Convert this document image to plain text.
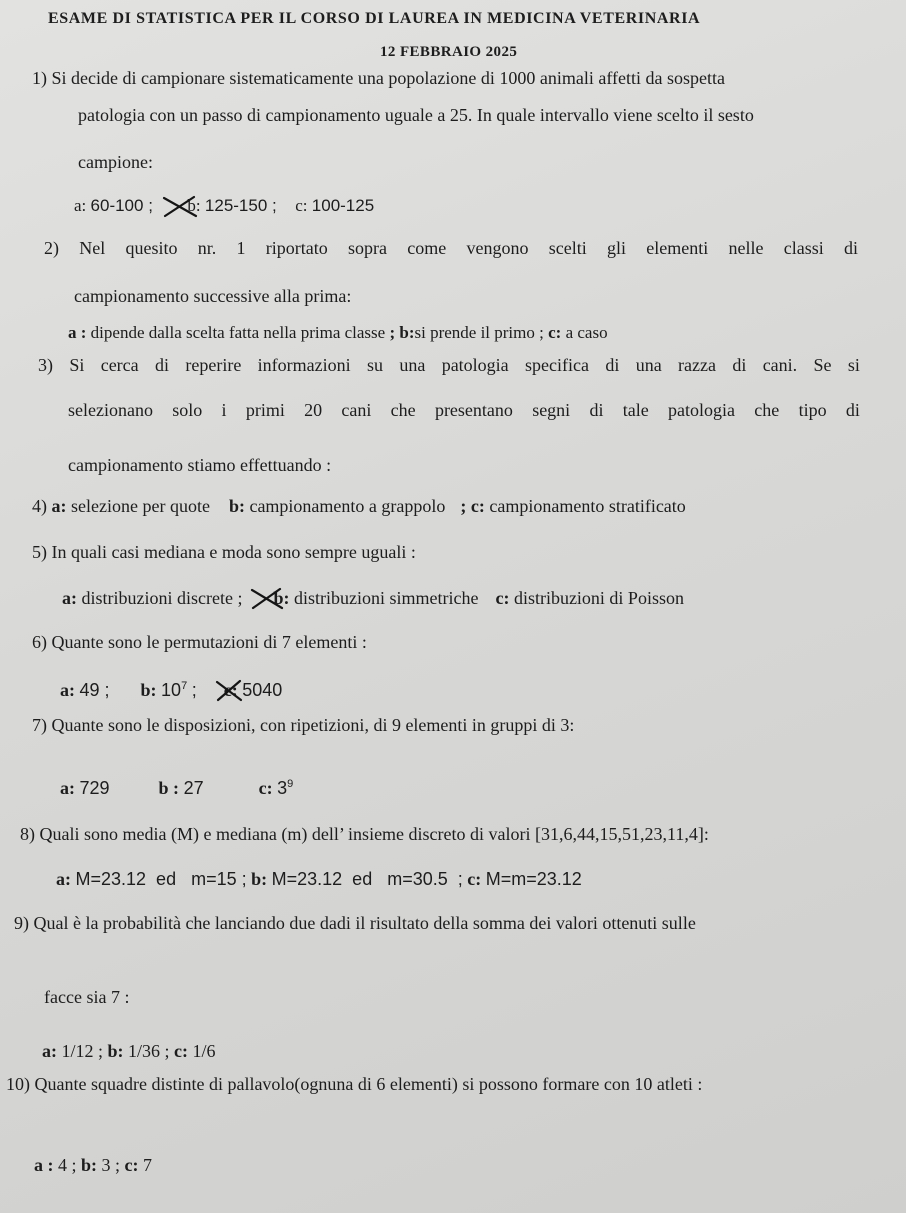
ESAME DI STATISTICA PER IL CORSO DI LAUREA IN MEDICINA VETERINARIA
12 FEBBRAIO 2025
1) Si decide di campionare sistematicamente una popolazione di 1000 animali affetti da sospetta
patologia con un passo di campionamento uguale a 25. In quale intervallo viene scelto il sesto
campione:
a: 60-100 ; b: 125-150 ; c: 100-125
2) Nel quesito nr. 1 riportato sopra come vengono scelti gli elementi nelle classi di
campionamento successive alla prima:
a : dipende dalla scelta fatta nella prima classe ; b:si prende il primo ; c: a caso
3) Si cerca di reperire informazioni su una patologia specifica di una razza di cani. Se si
selezionano solo i primi 20 cani che presentano segni di tale patologia che tipo di
campionamento stiamo effettuando :
4) a: selezione per quote b: campionamento a grappolo ; c: campionamento stratificato
5) In quali casi mediana e moda sono sempre uguali :
a: distribuzioni discrete ; b: distribuzioni simmetriche c: distribuzioni di Poisson
6) Quante sono le permutazioni di 7 elementi :
a: 49 ; b: $10^7$ ; c: 5040
7) Quante sono le disposizioni, con ripetizioni, di 9 elementi in gruppi di 3:
a: 729	b : 27	c: $3^9$
8) Quali sono media (M) e mediana (m) dell’ insieme discreto di valori [31,6,44,15,51,23,11,4]:
a: M=23.12  ed   m=15 ; b: M=23.12  ed   m=30.5  ; c: M=m=23.12
9) Qual è la probabilità che lanciando due dadi il risultato della somma dei valori ottenuti sulle
facce sia 7 :
a: 1/12 ; b: 1/36 ; c: 1/6
10) Quante squadre distinte di pallavolo(ognuna di 6 elementi) si possono formare con 10 atleti :
a : 4 ; b: 3 ; c: 7
